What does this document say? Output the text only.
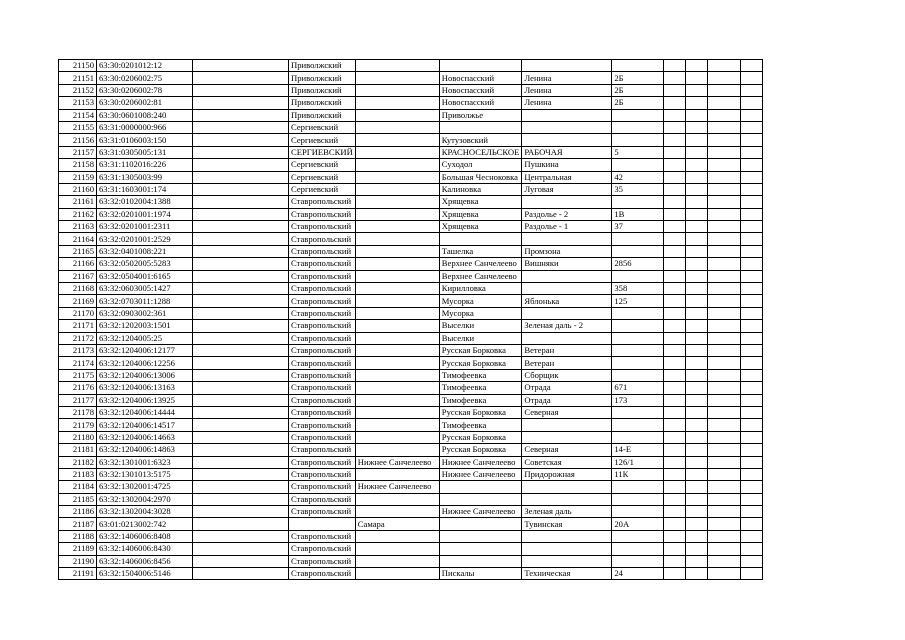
21150	63:30:0201012:12		Приволжский								
21151	63:30:0206002:75		Приволжский		Новоспасский	Ленина	2Б				
21152	63:30:0206002:78		Приволжский		Новоспасский	Ленина	2Б				
21153	63:30:0206002:81		Приволжский		Новоспасский	Ленина	2Б				
21154	63:30:0601008:240		Приволжский		Приволжье						
21155	63:31:0000000:966		Сергиевский								
21156	63:31:0106003:150		Сергиевский		Кутузовский						
21157	63:31:0305005:131		СЕРГИЕВСКИЙ		КРАСНОСЕЛЬСКОЕ	РАБОЧАЯ	5				
21158	63:31:1102016:226		Сергиевский		Суходол	Пушкина					
21159	63:31:1305003:99		Сергиевский		Большая Чесноковка	Центральная	42				
21160	63:31:1603001:174		Сергиевский		Калиновка	Луговая	35				
21161	63:32:0102004:1388		Ставропольский		Хрящевка						
21162	63:32:0201001:1974		Ставропольский		Хрящевка	Раздолье - 2	1В				
21163	63:32:0201001:2311		Ставропольский		Хрящевка	Раздолье - 1	37				
21164	63:32:0201001:2529		Ставропольский								
21165	63:32:0401008:221		Ставропольский		Ташелка	Промзона					
21166	63:32:0502005:5283		Ставропольский		Верхнее Санчелеево	Вишняки	2856				
21167	63:32:0504001:6165		Ставропольский		Верхнее Санчелеево						
21168	63:32:0603005:1427		Ставропольский		Кирилловка		358				
21169	63:32:0703011:1288		Ставропольский		Мусорка	Яблонька	125				
21170	63:32:0903002:361		Ставропольский		Мусорка						
21171	63:32:1202003:1501		Ставропольский		Выселки	Зеленая даль - 2					
21172	63:32:1204005:25		Ставропольский		Выселки						
21173	63:32:1204006:12177		Ставропольский		Русская Борковка	Ветеран					
21174	63:32:1204006:12256		Ставропольский		Русская Борковка	Ветеран					
21175	63:32:1204006:13006		Ставропольский		Тимофеевка	Сборщик					
21176	63:32:1204006:13163		Ставропольский		Тимофеевка	Отрада	671				
21177	63:32:1204006:13925		Ставропольский		Тимофеевка	Отрада	173				
21178	63:32:1204006:14444		Ставропольский		Русская Борковка	Северная					
21179	63:32:1204006:14517		Ставропольский		Тимофеевка						
21180	63:32:1204006:14663		Ставропольский		Русская Борковка						
21181	63:32:1204006:14863		Ставропольский		Русская Борковка	Северная	14-Е				
21182	63:32:1301001:6323		Ставропольский	Нижнее Санчелеево	Нижнее Санчелеево	Советская	126/1				
21183	63:32:1301013:5175		Ставропольский		Нижнее Санчелеево	Придорожная	11К				
21184	63:32:1302001:4725		Ставропольский	Нижнее Санчелеево							
21185	63:32:1302004:2970		Ставропольский								
21186	63:32:1302004:3028		Ставропольский		Нижнее Санчелеево	Зеленая даль					
21187	63:01:0213002:742			Самара		Тувинская	20А				
21188	63:32:1406006:8408		Ставропольский								
21189	63:32:1406006:8430		Ставропольский								
21190	63:32:1406006:8456		Ставропольский								
21191	63:32:1504006:5146		Ставропольский		Пискалы	Техническая	24				
